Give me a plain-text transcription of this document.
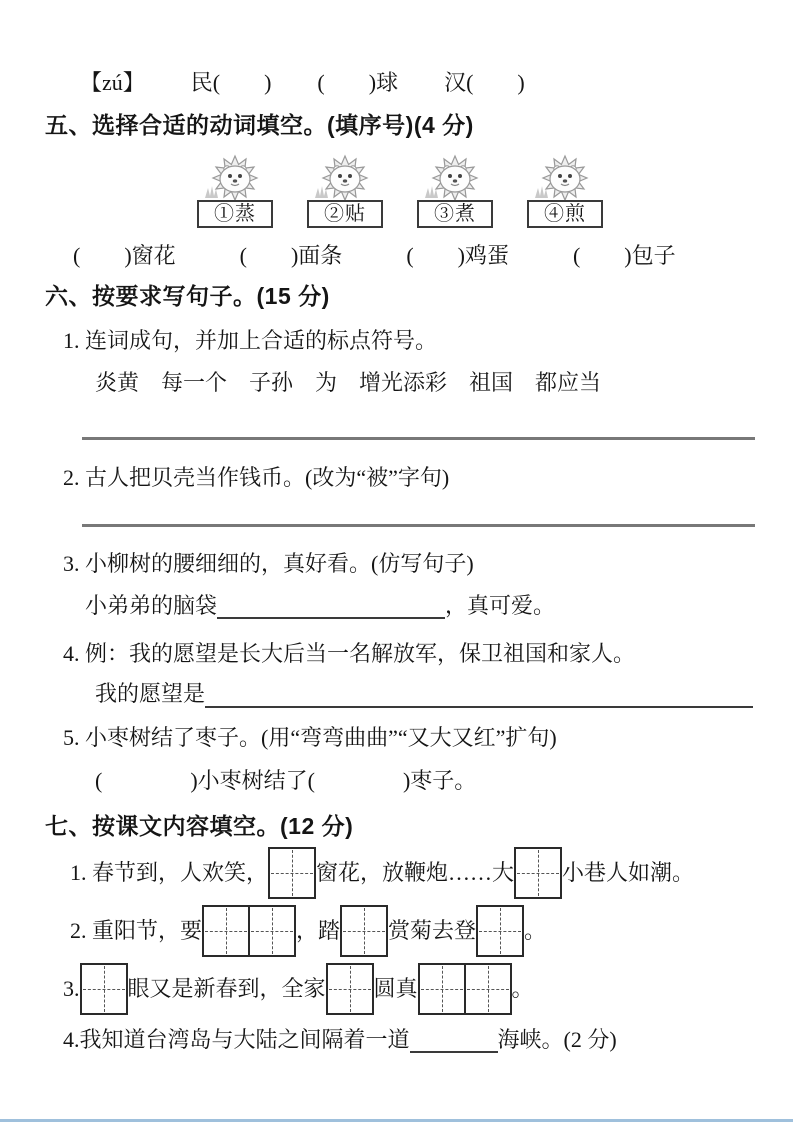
【zú】 民(　　) (　　)球 汉(　　)
五、选择合适的动词填空。(填序号)(4 分)
①蒸	②贴	③煮	④煎
(　　)窗花	(　　)面条	(　　)鸡蛋	(　　)包子
六、按要求写句子。(15 分)
1. 连词成句，并加上合适的标点符号。
炎黄　每一个　子孙　为　增光添彩　祖国　都应当
2. 古人把贝壳当作钱币。(改为“被”字句)
3. 小柳树的腰细细的，真好看。(仿写句子)
小弟弟的脑袋	，真可爱。
4. 例：我的愿望是长大后当一名解放军，保卫祖国和家人。
我的愿望是
5. 小枣树结了枣子。(用“弯弯曲曲”“又大又红”扩句)
(　　　　)小枣树结了(　　　　)枣子。
七、按课文内容填空。(12 分)
1. 春节到，人欢笑， 窗花，放鞭炮……大 小巷人如潮。
2. 重阳节，要	，踏 赏菊去登 。
3. 眼又是新春到，全家 圆真	。
4.我知道台湾岛与大陆之间隔着一道	海峡。(2 分)
